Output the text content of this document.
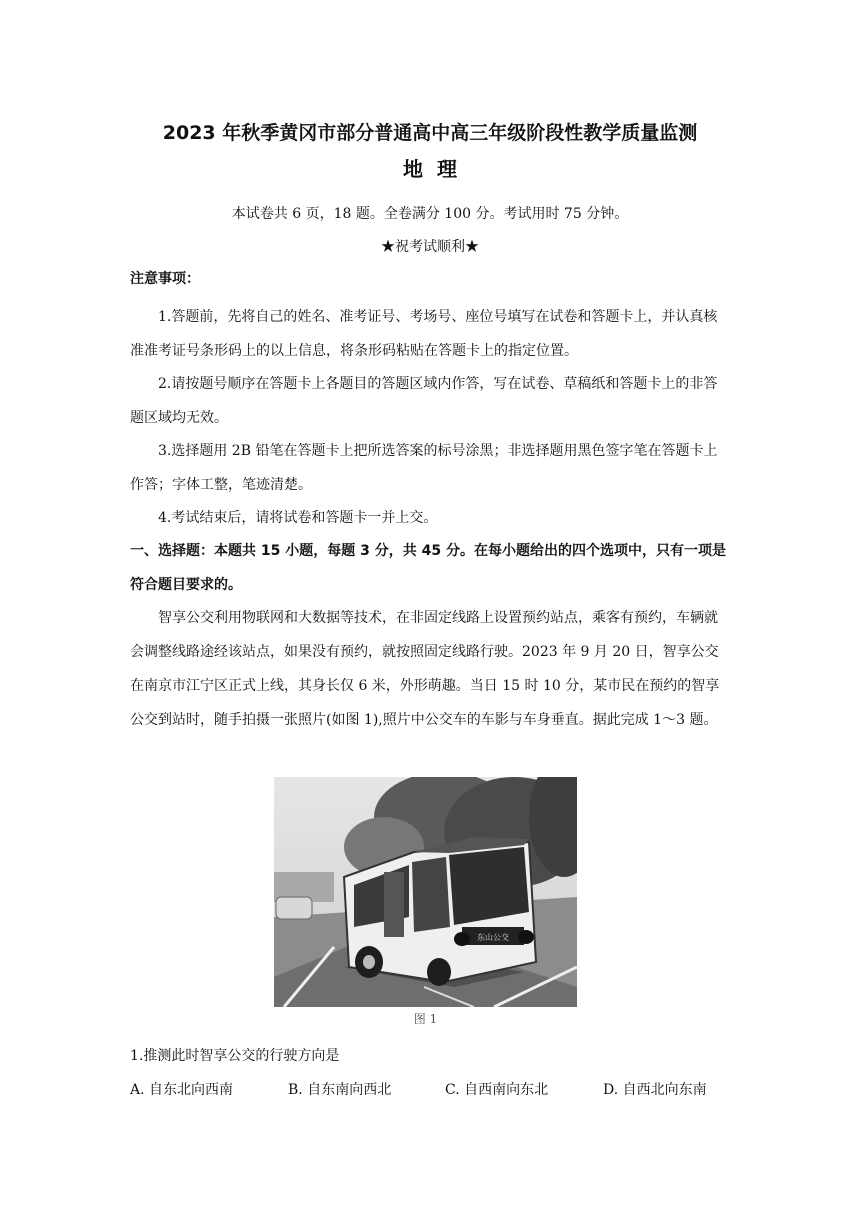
2023 年秋季黄冈市部分普通高中高三年级阶段性教学质量监测
地理
本试卷共 6 页，18 题。全卷满分 100 分。考试用时 75 分钟。
★祝考试顺利★
注意事项：
1.答题前，先将自己的姓名、准考证号、考场号、座位号填写在试卷和答题卡上，并认真核准准考证号条形码上的以上信息，将条形码粘贴在答题卡上的指定位置。
2.请按题号顺序在答题卡上各题目的答题区域内作答，写在试卷、草稿纸和答题卡上的非答题区域均无效。
3.选择题用 2B 铅笔在答题卡上把所选答案的标号涂黑；非选择题用黑色签字笔在答题卡上作答；字体工整，笔迹清楚。
4.考试结束后，请将试卷和答题卡一并上交。
一、选择题：本题共 15 小题，每题 3 分，共 45 分。在每小题给出的四个选项中，只有一项是符合题目要求的。
智享公交利用物联网和大数据等技术，在非固定线路上设置预约站点，乘客有预约，车辆就会调整线路途经该站点，如果没有预约，就按照固定线路行驶。2023 年 9 月 20 日，智享公交在南京市江宁区正式上线，其身长仅 6 米，外形萌趣。当日 15 时 10 分，某市民在预约的智享公交到站时，随手拍摄一张照片(如图 1),照片中公交车的车影与车身垂直。据此完成 1～3 题。
东山公交
图 1
1.推测此时智享公交的行驶方向是
A. 自东北向西南	B. 自东南向西北	C. 自西南向东北	D. 自西北向东南
